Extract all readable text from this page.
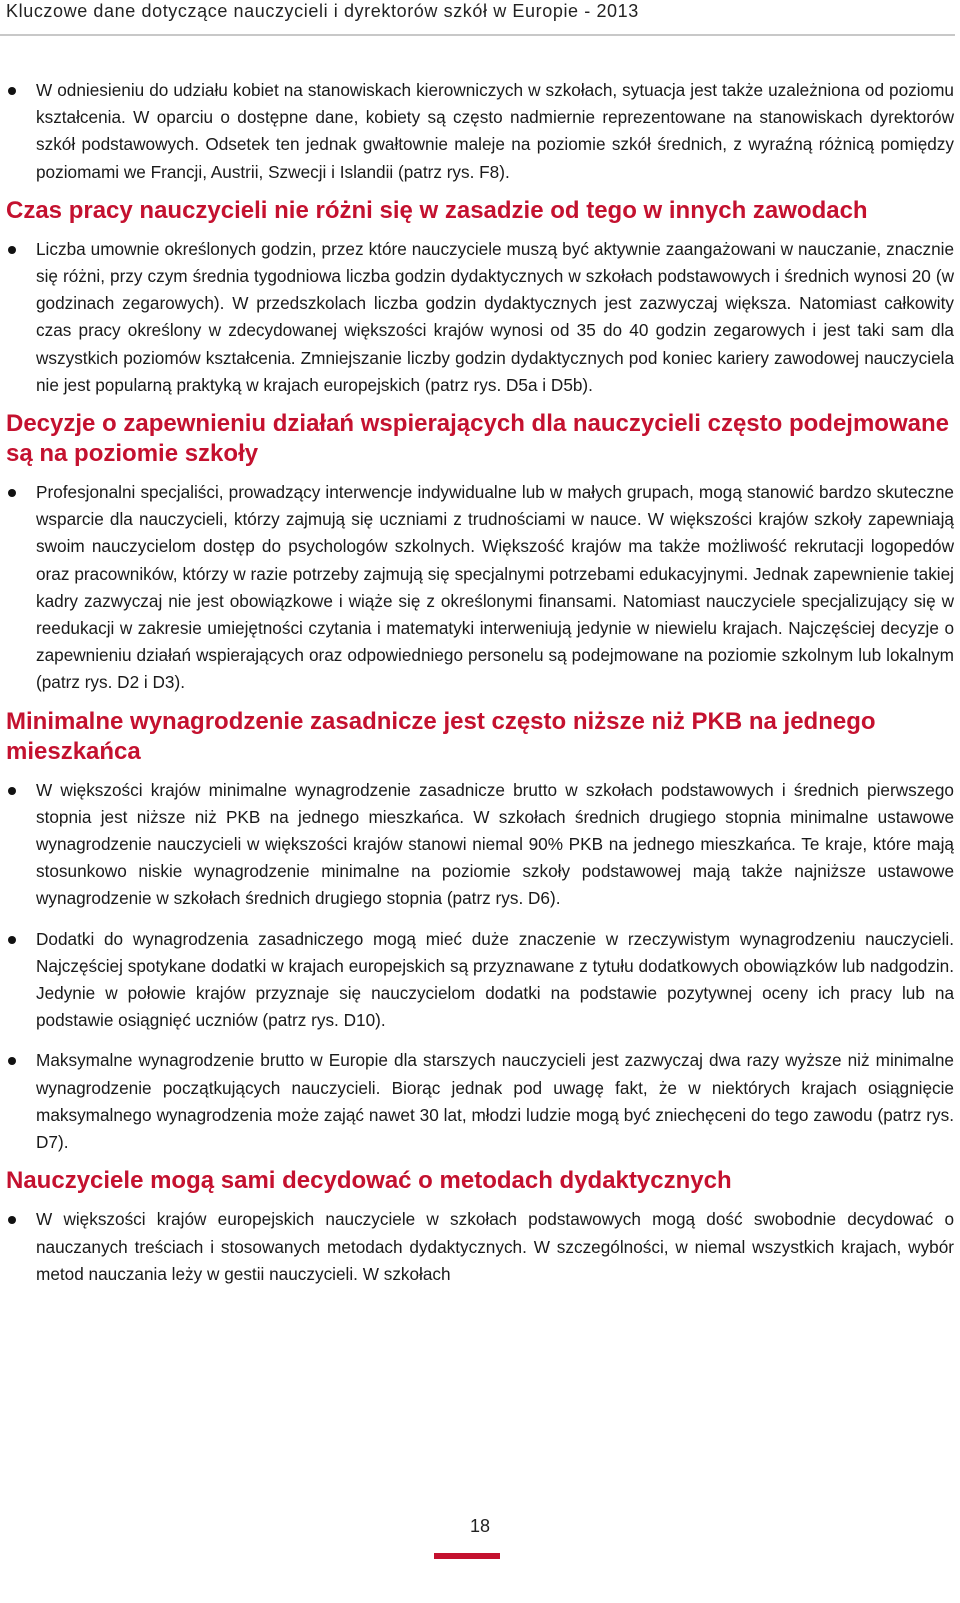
Kluczowe dane dotyczące nauczycieli i dyrektorów szkół w Europie - 2013

W odniesieniu do udziału kobiet na stanowiskach kierowniczych w szkołach, sytuacja jest także uzależniona od poziomu kształcenia. W oparciu o dostępne dane, kobiety są często nadmiernie reprezentowane na stanowiskach dyrektorów szkół podstawowych. Odsetek ten jednak gwałtownie maleje na poziomie szkół średnich, z wyraźną różnicą pomiędzy poziomami we Francji, Austrii, Szwecji i Islandii (patrz rys. F8).

Czas pracy nauczycieli nie różni się w zasadzie od tego w innych zawodach

Liczba umownie określonych godzin, przez które nauczyciele muszą być aktywnie zaangażowani w nauczanie, znacznie się różni, przy czym średnia tygodniowa liczba godzin dydaktycznych w szkołach podstawowych i średnich wynosi 20 (w godzinach zegarowych). W przedszkolach liczba godzin dydaktycznych jest zazwyczaj większa. Natomiast całkowity czas pracy określony w zdecydowanej większości krajów wynosi od 35 do 40 godzin zegarowych i jest taki sam dla wszystkich poziomów kształcenia. Zmniejszanie liczby godzin dydaktycznych pod koniec kariery zawodowej nauczyciela nie jest popularną praktyką w krajach europejskich (patrz rys. D5a i D5b).

Decyzje o zapewnieniu działań wspierających dla nauczycieli często podejmowane są na poziomie szkoły

Profesjonalni specjaliści, prowadzący interwencje indywidualne lub w małych grupach, mogą stanowić bardzo skuteczne wsparcie dla nauczycieli, którzy zajmują się uczniami z trudnościami w nauce. W większości krajów szkoły zapewniają swoim nauczycielom dostęp do psychologów szkolnych. Większość krajów ma także możliwość rekrutacji logopedów oraz pracowników, którzy w razie potrzeby zajmują się specjalnymi potrzebami edukacyjnymi. Jednak zapewnienie takiej kadry zazwyczaj nie jest obowiązkowe i wiąże się z określonymi finansami. Natomiast nauczyciele specjalizujący się w reedukacji w zakresie umiejętności czytania i matematyki interweniują jedynie w niewielu krajach. Najczęściej decyzje o zapewnieniu działań wspierających oraz odpowiedniego personelu są podejmowane na poziomie szkolnym lub lokalnym (patrz rys. D2 i D3).

Minimalne wynagrodzenie zasadnicze jest często niższe niż PKB na jednego mieszkańca

W większości krajów minimalne wynagrodzenie zasadnicze brutto w szkołach podstawowych i średnich pierwszego stopnia jest niższe niż PKB na jednego mieszkańca. W szkołach średnich drugiego stopnia minimalne ustawowe wynagrodzenie nauczycieli w większości krajów stanowi niemal 90% PKB na jednego mieszkańca. Te kraje, które mają stosunkowo niskie wynagrodzenie minimalne na poziomie szkoły podstawowej mają także najniższe ustawowe wynagrodzenie w szkołach średnich drugiego stopnia (patrz rys. D6).

Dodatki do wynagrodzenia zasadniczego mogą mieć duże znaczenie w rzeczywistym wynagrodzeniu nauczycieli. Najczęściej spotykane dodatki w krajach europejskich są przyznawane z tytułu dodatkowych obowiązków lub nadgodzin. Jedynie w połowie krajów przyznaje się nauczycielom dodatki na podstawie pozytywnej oceny ich pracy lub na podstawie osiągnięć uczniów (patrz rys. D10).

Maksymalne wynagrodzenie brutto w Europie dla starszych nauczycieli jest zazwyczaj dwa razy wyższe niż minimalne wynagrodzenie początkujących nauczycieli. Biorąc jednak pod uwagę fakt, że w niektórych krajach osiągnięcie maksymalnego wynagrodzenia może zająć nawet 30 lat, młodzi ludzie mogą być zniechęceni do tego zawodu (patrz rys. D7).

Nauczyciele mogą sami decydować o metodach dydaktycznych

W większości krajów europejskich nauczyciele w szkołach podstawowych mogą dość swobodnie decydować o nauczanych treściach i stosowanych metodach dydaktycznych. W szczególności, w niemal wszystkich krajach, wybór metod nauczania leży w gestii nauczycieli. W szkołach

18
